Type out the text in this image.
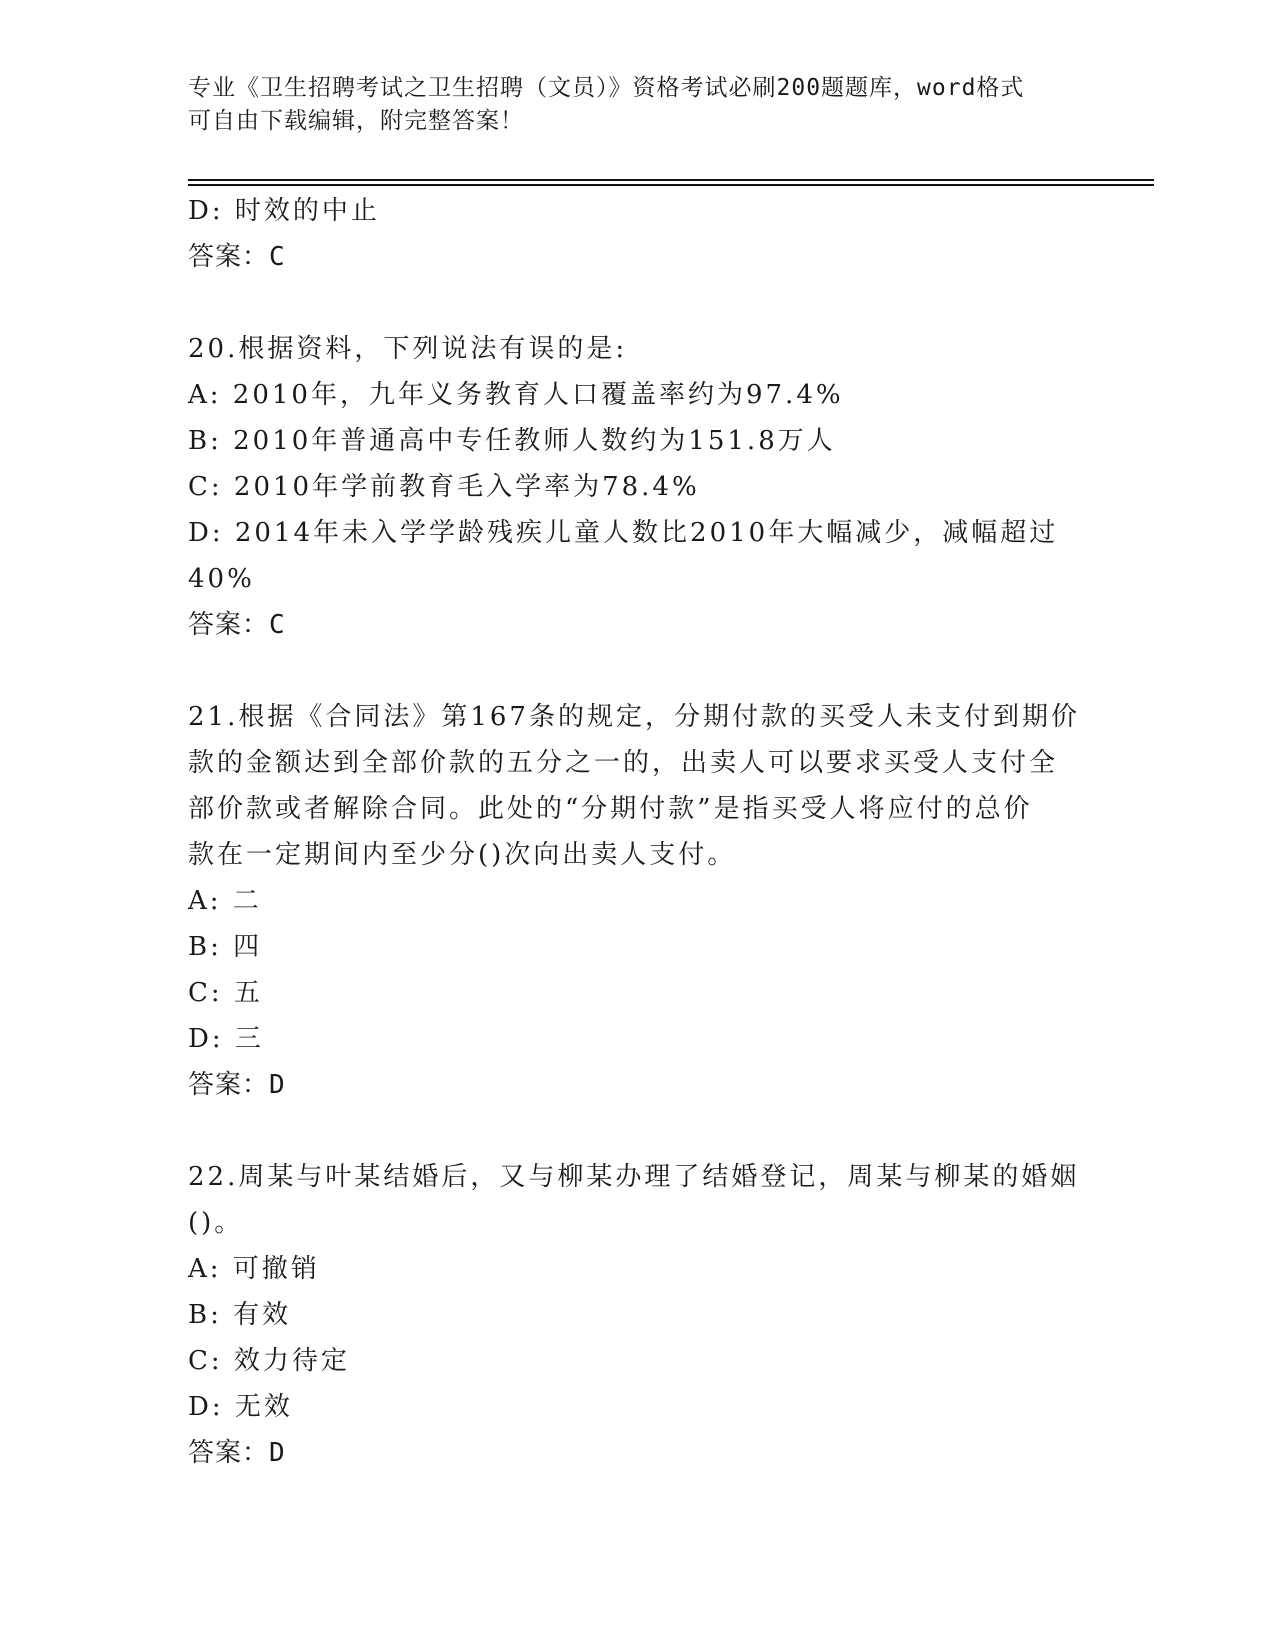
专业《卫生招聘考试之卫生招聘（文员）》资格考试必刷200题题库，word格式
可自由下载编辑，附完整答案！
D: 时效的中止
答案：C
20.根据资料，下列说法有误的是:
A: 2010年，九年义务教育人口覆盖率约为97.4%
B: 2010年普通高中专任教师人数约为151.8万人
C: 2010年学前教育毛入学率为78.4%
D: 2014年未入学学龄残疾儿童人数比2010年大幅减少，减幅超过
40%
答案：C
21.根据《合同法》第167条的规定，分期付款的买受人未支付到期价
款的金额达到全部价款的五分之一的，出卖人可以要求买受人支付全
部价款或者解除合同。此处的“分期付款”是指买受人将应付的总价
款在一定期间内至少分()次向出卖人支付。
A: 二
B: 四
C: 五
D: 三
答案：D
22.周某与叶某结婚后，又与柳某办理了结婚登记，周某与柳某的婚姻
()。
A: 可撤销
B: 有效
C: 效力待定
D: 无效
答案：D
